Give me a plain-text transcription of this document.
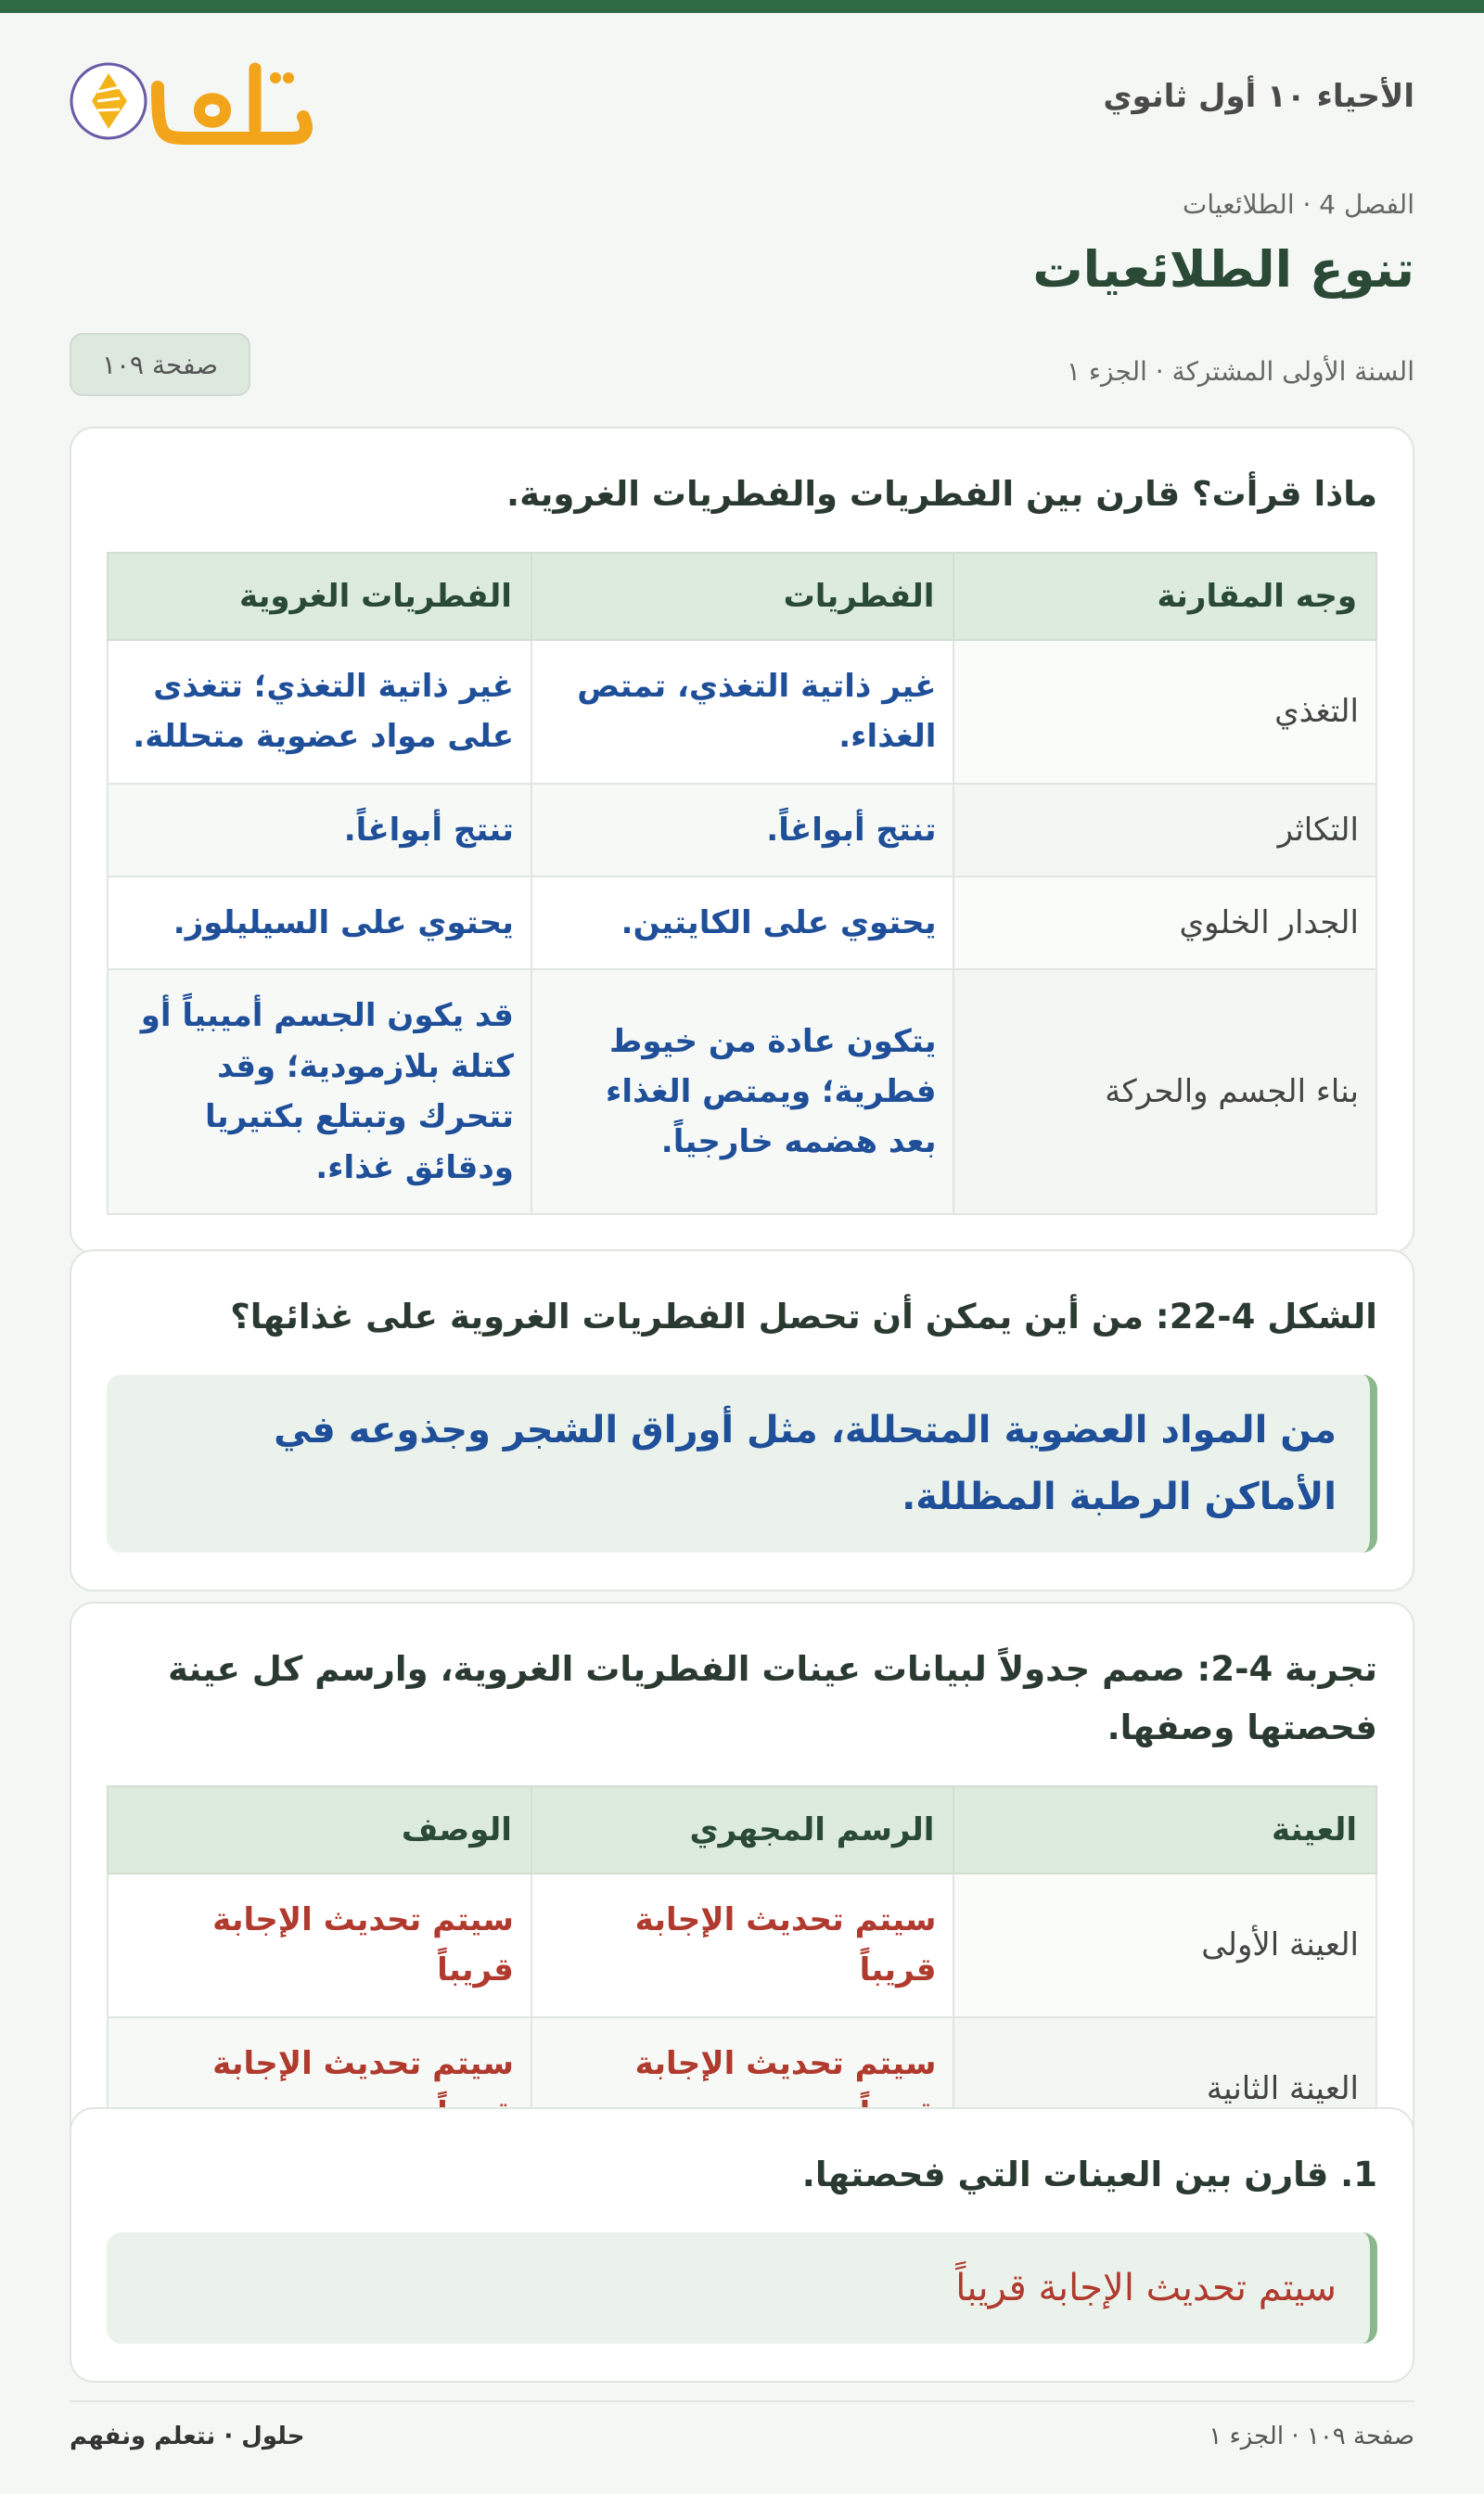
الأحياء ١٠ أول ثانوي
الفصل 4 · الطلائعيات
تنوع الطلائعيات
السنة الأولى المشتركة · الجزء ١
صفحة ١٠٩
ماذا قرأت؟ قارن بين الفطريات والفطريات الغروية.
وجه المقارنة	الفطريات	الفطريات الغروية
التغذي	غير ذاتية التغذي، تمتص الغذاء.	غير ذاتية التغذي؛ تتغذى على مواد عضوية متحللة.
التكاثر	تنتج أبواغاً.	تنتج أبواغاً.
الجدار الخلوي	يحتوي على الكايتين.	يحتوي على السيليلوز.
بناء الجسم والحركة	يتكون عادة من خيوط فطرية؛ ويمتص الغذاء بعد هضمه خارجياً.	قد يكون الجسم أميبياً أو كتلة بلازمودية؛ وقد تتحرك وتبتلع بكتيريا ودقائق غذاء.
الشكل 4-22: من أين يمكن أن تحصل الفطريات الغروية على غذائها؟
من المواد العضوية المتحللة، مثل أوراق الشجر وجذوعه في الأماكن الرطبة المظللة.
تجربة 4-2: صمم جدولاً لبيانات عينات الفطريات الغروية، وارسم كل عينة فحصتها وصفها.
العينة	الرسم المجهري	الوصف
العينة الأولى	سيتم تحديث الإجابة قريباً	سيتم تحديث الإجابة قريباً
العينة الثانية	سيتم تحديث الإجابة	سيتم تحديث الإجابة
1. قارن بين العينات التي فحصتها.
سيتم تحديث الإجابة قريباً
صفحة ١٠٩ · الجزء ١
حلول · نتعلم ونفهم
